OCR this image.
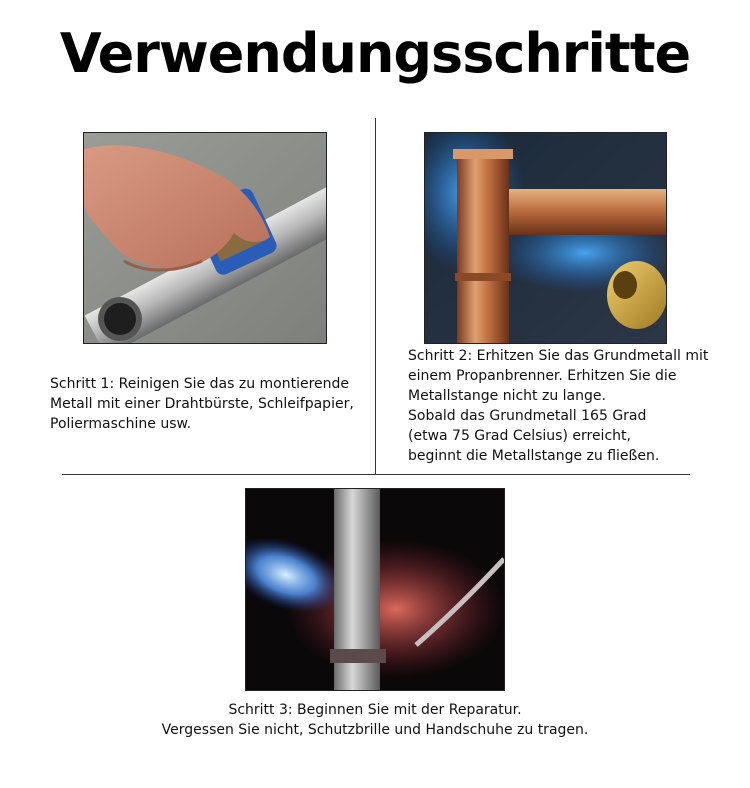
Verwendungsschritte
Schritt 1: Reinigen Sie das zu montierende
Metall mit einer Drahtbürste, Schleifpapier,
Poliermaschine usw.
Schritt 2: Erhitzen Sie das Grundmetall mit
einem Propanbrenner. Erhitzen Sie die
Metallstange nicht zu lange.
Sobald das Grundmetall 165 Grad
(etwa 75 Grad Celsius) erreicht,
beginnt die Metallstange zu fließen.
Schritt 3: Beginnen Sie mit der Reparatur.
Vergessen Sie nicht, Schutzbrille und Handschuhe zu tragen.
